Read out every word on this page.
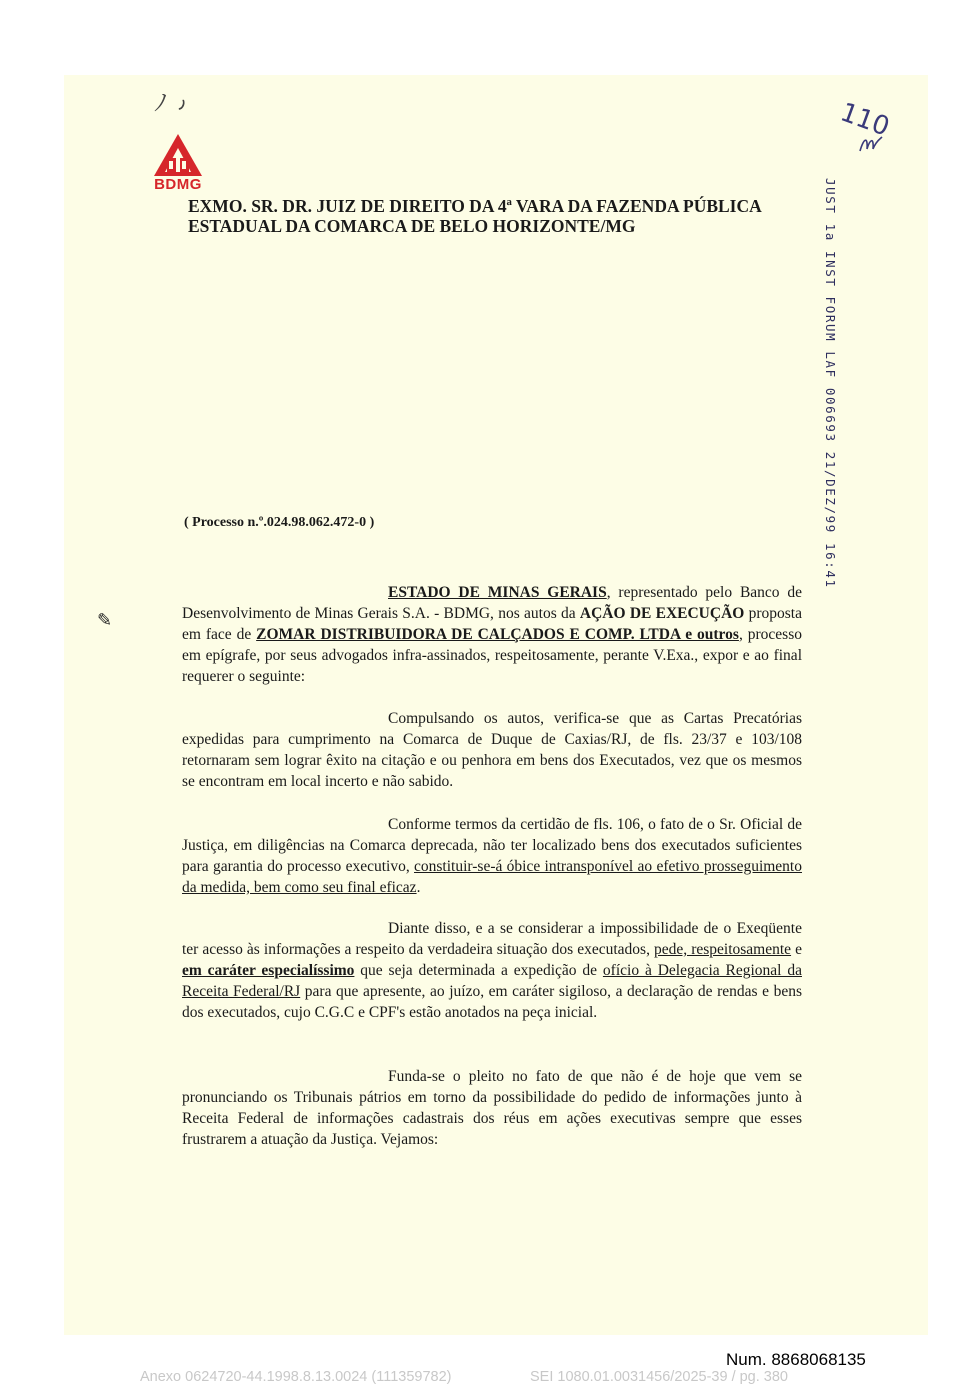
ノ ٫
BDMG
110
JUST 1a INST FORUM LAF 006693 21/DEZ/99 16:41
EXMO. SR. DR. JUIZ DE DIREITO DA 4ª VARA DA FAZENDA PÚBLICA
ESTADUAL DA COMARCA DE BELO HORIZONTE/MG
( Processo n.º.024.98.062.472-0 )
✎

ESTADO DE MINAS GERAIS, representado pelo Banco de Desenvolvimento de Minas Gerais S.A. - BDMG, nos autos da AÇÃO DE EXECUÇÃO proposta em face de ZOMAR DISTRIBUIDORA DE CALÇADOS E COMP. LTDA e outros, processo em epígrafe, por seus advogados infra-assinados, respeitosamente, perante V.Exa., expor e ao final requerer o seguinte:

Compulsando os autos, verifica-se que as Cartas Precatórias expedidas para cumprimento na Comarca de Duque de Caxias/RJ, de fls. 23/37 e 103/108 retornaram sem lograr êxito na citação e ou penhora em bens dos Executados, vez que os mesmos se encontram em local incerto e não sabido.

Conforme termos da certidão de fls. 106, o fato de o Sr. Oficial de Justiça, em diligências na Comarca deprecada, não ter localizado bens dos executados suficientes para garantia do processo executivo, constituir-se-á óbice intransponível ao efetivo prosseguimento da medida, bem como seu final eficaz.

Diante disso, e a se considerar a impossibilidade de o Exeqüente ter acesso às informações a respeito da verdadeira situação dos executados, pede, respeitosamente e em caráter especialíssimo que seja determinada a expedição de ofício à Delegacia Regional da Receita Federal/RJ para que apresente, ao juízo, em caráter sigiloso, a declaração de rendas e bens dos executados, cujo C.G.C e CPF's estão anotados na peça inicial.

Funda-se o pleito no fato de que não é de hoje que vem se pronunciando os Tribunais pátrios em torno da possibilidade do pedido de informações junto à Receita Federal de informações cadastrais dos réus em ações executivas sempre que esses frustrarem a atuação da Justiça. Vejamos:

Num. 8868068135
Anexo 0624720-44.1998.8.13.0024 (111359782)	SEI 1080.01.0031456/2025-39 / pg. 380
